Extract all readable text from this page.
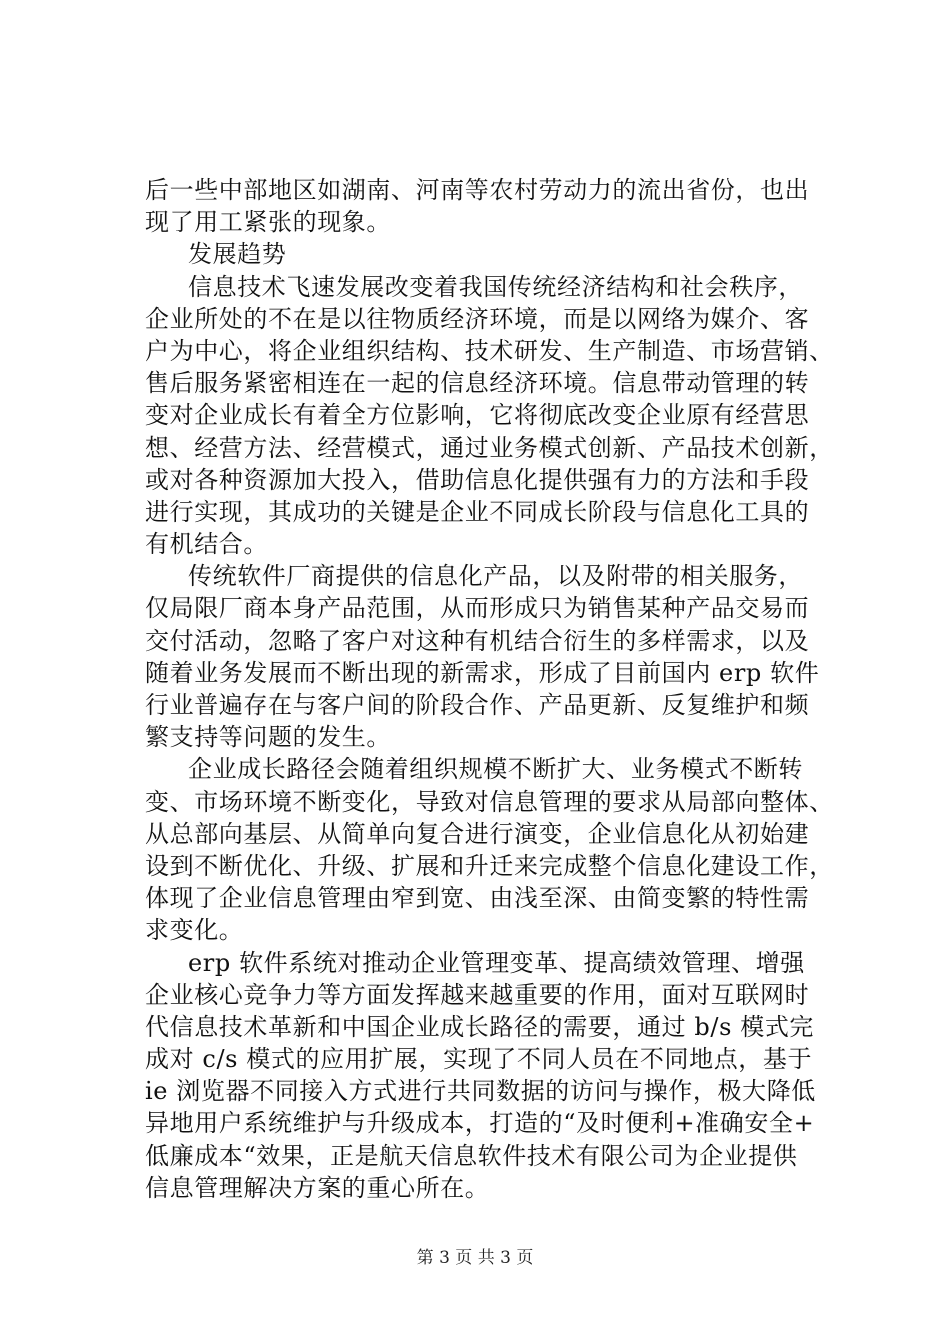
后一些中部地区如湖南、河南等农村劳动力的流出省份，也出
现了用工紧张的现象。
发展趋势
信息技术飞速发展改变着我国传统经济结构和社会秩序，
企业所处的不在是以往物质经济环境，而是以网络为媒介、客
户为中心，将企业组织结构、技术研发、生产制造、市场营销、
售后服务紧密相连在一起的信息经济环境。信息带动管理的转
变对企业成长有着全方位影响，它将彻底改变企业原有经营思
想、经营方法、经营模式，通过业务模式创新、产品技术创新，
或对各种资源加大投入，借助信息化提供强有力的方法和手段
进行实现，其成功的关键是企业不同成长阶段与信息化工具的
有机结合。
传统软件厂商提供的信息化产品，以及附带的相关服务，
仅局限厂商本身产品范围，从而形成只为销售某种产品交易而
交付活动，忽略了客户对这种有机结合衍生的多样需求，以及
随着业务发展而不断出现的新需求，形成了目前国内 erp 软件
行业普遍存在与客户间的阶段合作、产品更新、反复维护和频
繁支持等问题的发生。
企业成长路径会随着组织规模不断扩大、业务模式不断转
变、市场环境不断变化，导致对信息管理的要求从局部向整体、
从总部向基层、从简单向复合进行演变，企业信息化从初始建
设到不断优化、升级、扩展和升迁来完成整个信息化建设工作，
体现了企业信息管理由窄到宽、由浅至深、由简变繁的特性需
求变化。
erp 软件系统对推动企业管理变革、提高绩效管理、增强
企业核心竞争力等方面发挥越来越重要的作用，面对互联网时
代信息技术革新和中国企业成长路径的需要，通过 b/s 模式完
成对 c/s 模式的应用扩展，实现了不同人员在不同地点，基于
ie 浏览器不同接入方式进行共同数据的访问与操作，极大降低
异地用户系统维护与升级成本，打造的“及时便利+准确安全+
低廉成本“效果，正是航天信息软件技术有限公司为企业提供
信息管理解决方案的重心所在。
第 3 页 共 3 页
